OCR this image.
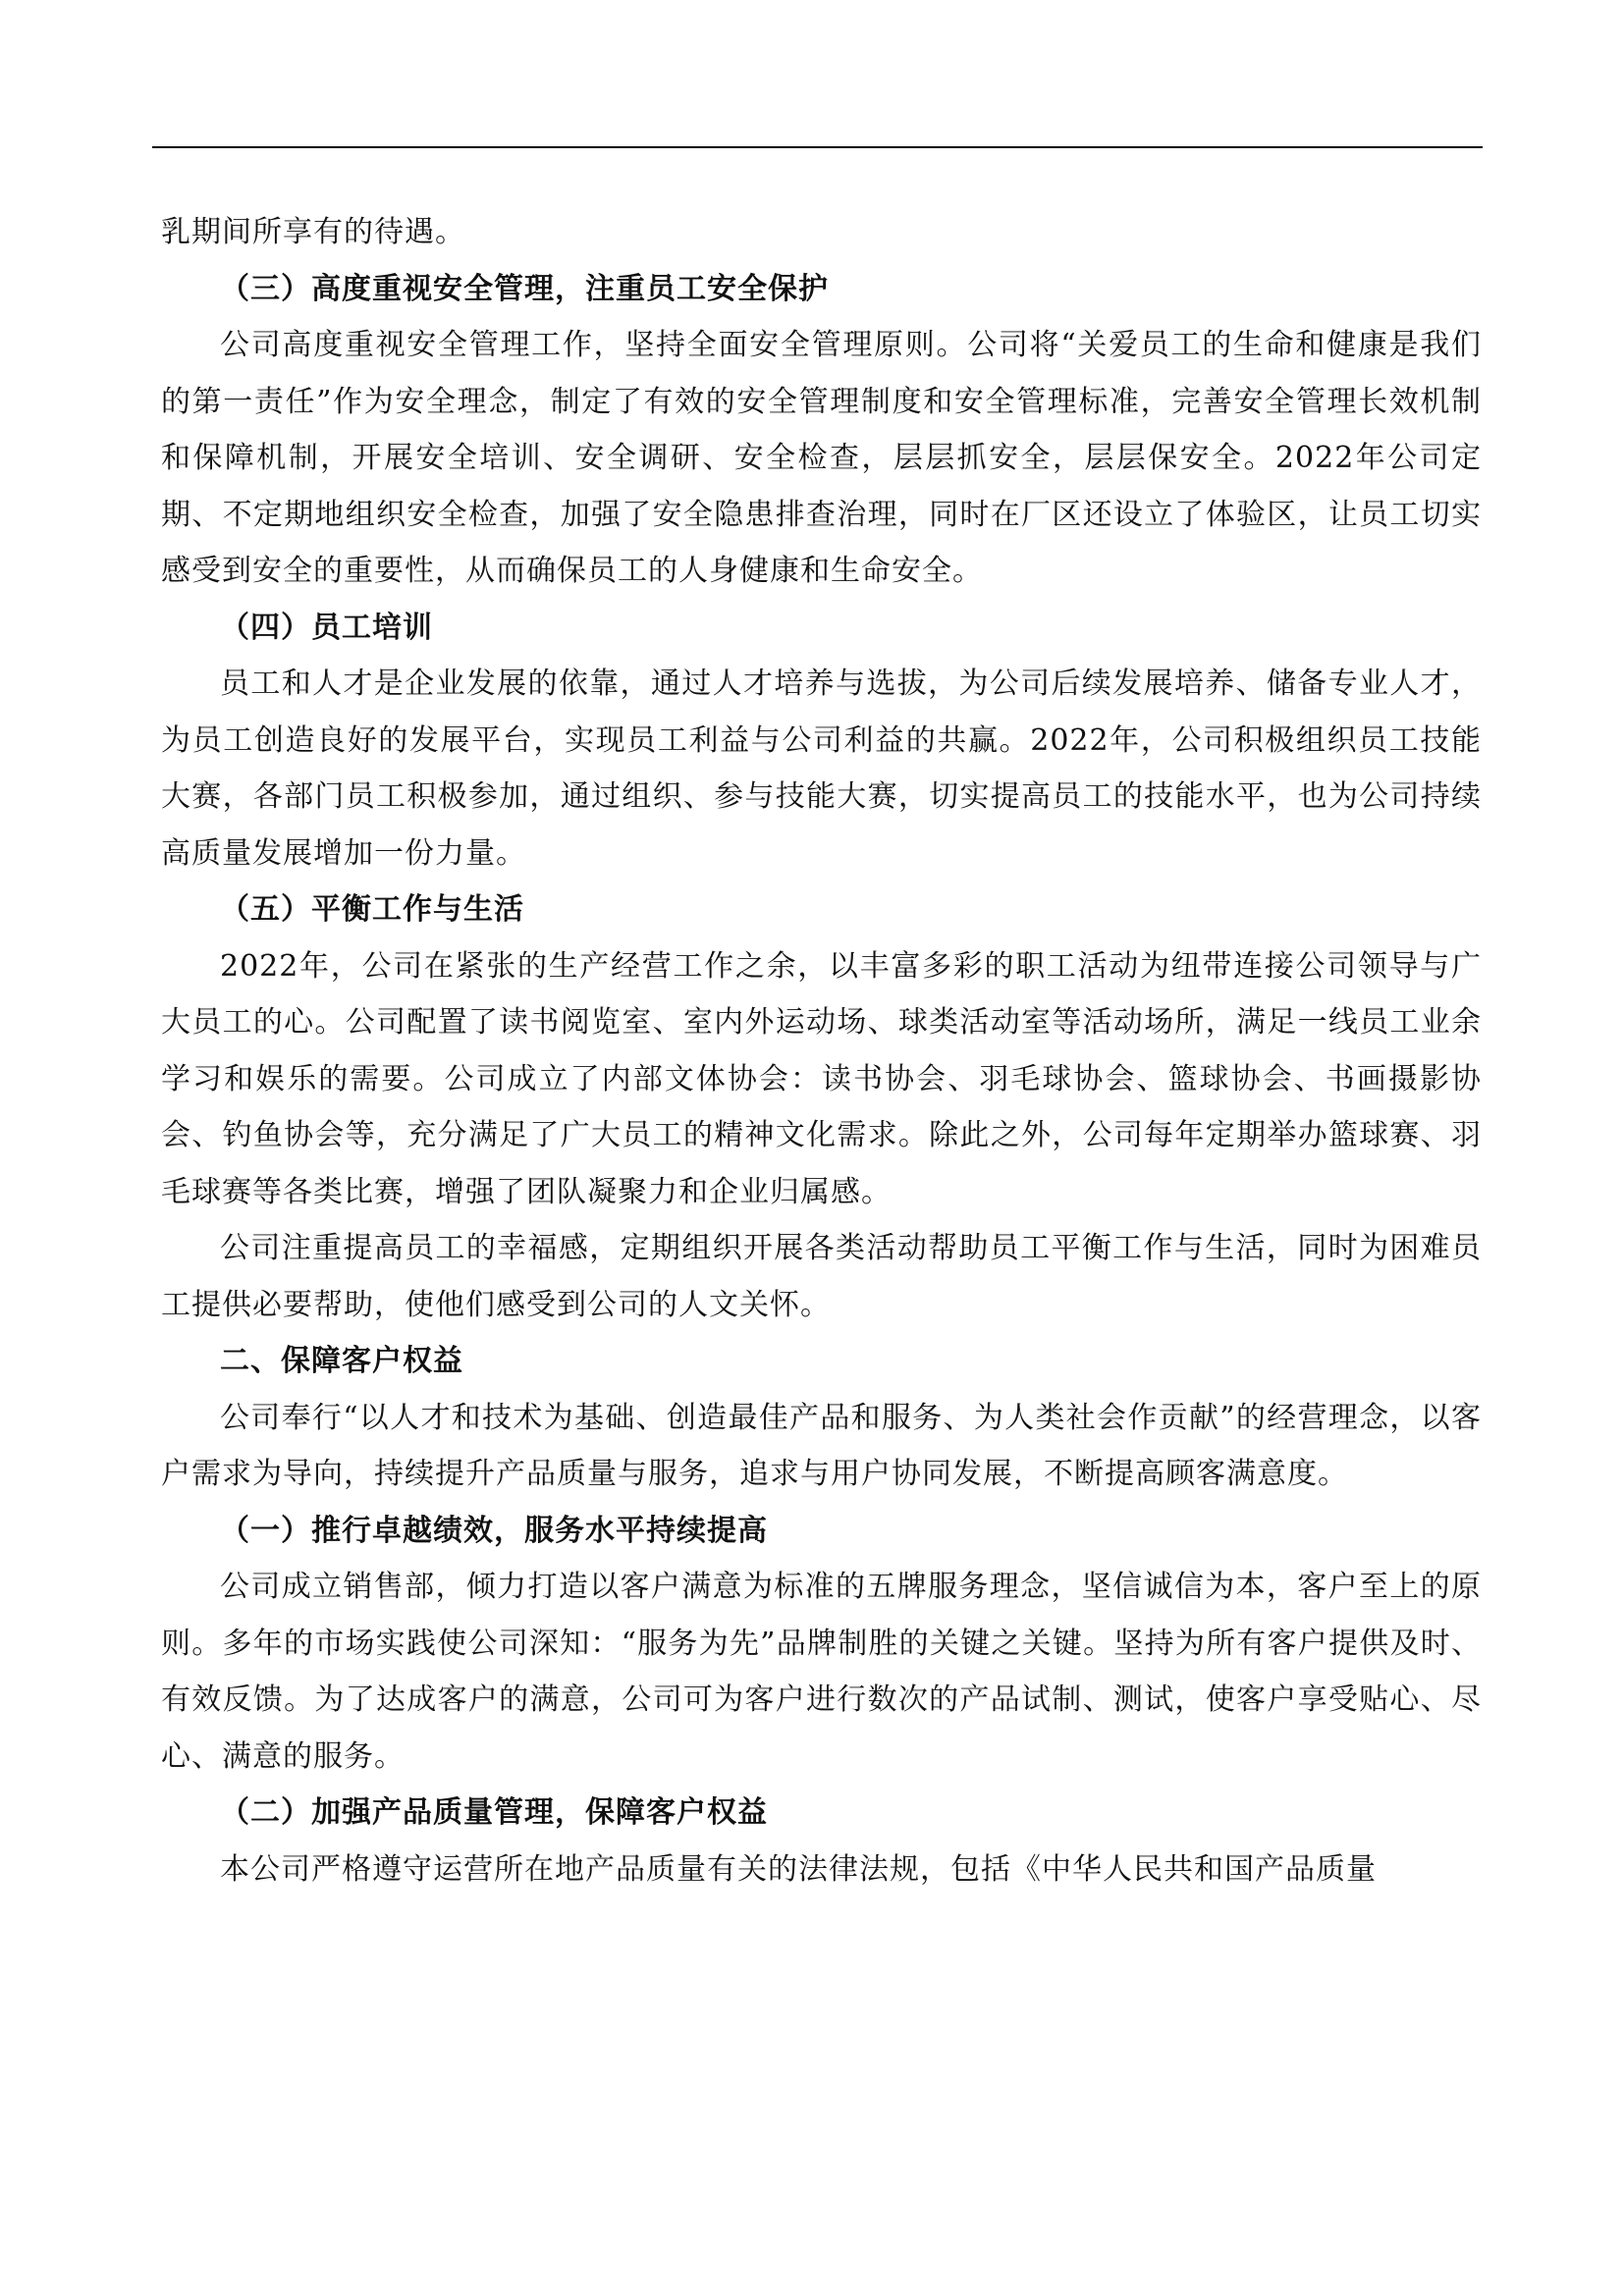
乳期间所享有的待遇。

（三）高度重视安全管理，注重员工安全保护

公司高度重视安全管理工作，坚持全面安全管理原则。公司将“关爱员工的生命和健康是我们的第一责任”作为安全理念，制定了有效的安全管理制度和安全管理标准，完善安全管理长效机制和保障机制，开展安全培训、安全调研、安全检查，层层抓安全，层层保安全。2022年公司定期、不定期地组织安全检查，加强了安全隐患排查治理，同时在厂区还设立了体验区，让员工切实感受到安全的重要性，从而确保员工的人身健康和生命安全。

（四）员工培训

员工和人才是企业发展的依靠，通过人才培养与选拔，为公司后续发展培养、储备专业人才，为员工创造良好的发展平台，实现员工利益与公司利益的共赢。2022年，公司积极组织员工技能大赛，各部门员工积极参加，通过组织、参与技能大赛，切实提高员工的技能水平，也为公司持续高质量发展增加一份力量。

（五）平衡工作与生活

2022年，公司在紧张的生产经营工作之余，以丰富多彩的职工活动为纽带连接公司领导与广大员工的心。公司配置了读书阅览室、室内外运动场、球类活动室等活动场所，满足一线员工业余学习和娱乐的需要。公司成立了内部文体协会：读书协会、羽毛球协会、篮球协会、书画摄影协会、钓鱼协会等，充分满足了广大员工的精神文化需求。除此之外，公司每年定期举办篮球赛、羽毛球赛等各类比赛，增强了团队凝聚力和企业归属感。

公司注重提高员工的幸福感，定期组织开展各类活动帮助员工平衡工作与生活，同时为困难员工提供必要帮助，使他们感受到公司的人文关怀。

二、保障客户权益

公司奉行“以人才和技术为基础、创造最佳产品和服务、为人类社会作贡献”的经营理念，以客户需求为导向，持续提升产品质量与服务，追求与用户协同发展，不断提高顾客满意度。

（一）推行卓越绩效，服务水平持续提高

公司成立销售部，倾力打造以客户满意为标准的五牌服务理念，坚信诚信为本，客户至上的原则。多年的市场实践使公司深知：“服务为先”品牌制胜的关键之关键。坚持为所有客户提供及时、有效反馈。为了达成客户的满意，公司可为客户进行数次的产品试制、测试，使客户享受贴心、尽心、满意的服务。

（二）加强产品质量管理，保障客户权益

本公司严格遵守运营所在地产品质量有关的法律法规，包括《中华人民共和国产品质量
